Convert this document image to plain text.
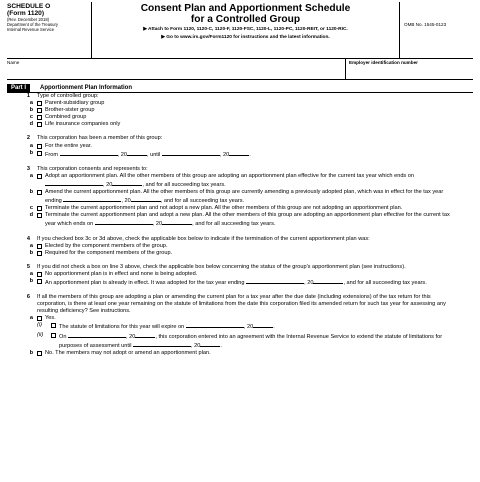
SCHEDULE O
(Form 1120)
(Rev. December 2018)
Department of the Treasury
Internal Revenue Service
Consent Plan and Apportionment Schedule
for a Controlled Group
▶ Attach to Form 1120, 1120-C, 1120-F, 1120-FSC, 1120-L, 1120-PC, 1120-REIT, or 1120-RIC.
▶ Go to www.irs.gov/Form1120 for instructions and the latest information.
OMB No. 1545-0123
Name	Employer identification number
Part I	Apportionment Plan Information
1	Type of controlled group:
a	Parent-subsidiary group
b	Brother-sister group
c	Combined group
d	Life insurance companies only
2	This corporation has been a member of this group:
a	For the entire year.
b	From	, 20	, until	, 20	.
3	This corporation consents and represents to:
a	Adopt an apportionment plan. All the other members of this group are adopting an apportionment plan effective for the current tax year which ends on , 20	, and for all succeeding tax years.
b	Amend the current apportionment plan. All the other members of this group are currently amending a previously adopted plan, which was in effect for the tax year ending	, 20	, and for all succeeding tax years.
c	Terminate the current apportionment plan and not adopt a new plan. All the other members of this group are not adopting an apportionment plan.
d	Terminate the current apportionment plan and adopt a new plan. All the other members of this group are adopting an apportionment plan effective for the current tax year which ends on	, 20	, and for all succeeding tax years.
4	If you checked box 3c or 3d above, check the applicable box below to indicate if the termination of the current apportionment plan was:
a	Elected by the component members of the group.
b	Required for the component members of the group.
5	If you did not check a box on line 3 above, check the applicable box below concerning the status of the group's apportionment plan (see instructions).
a	No apportionment plan is in effect and none is being adopted.
b	An apportionment plan is already in effect. It was adopted for the tax year ending	, 20	, and for all succeeding tax years.
6	If all the members of this group are adopting a plan or amending the current plan for a tax year after the due date (including extensions) of the tax return for this corporation, is there at least one year remaining on the statute of limitations from the date this corporation filed its amended return for such tax year for assessing any resulting deficiency? See instructions.
a	Yes.
(i)	The statute of limitations for this year will expire on	, 20	.
(ii)	On	, 20	, this corporation entered into an agreement with the Internal Revenue Service to extend the statute of limitations for purposes of assessment until	, 20	.
b	No. The members may not adopt or amend an apportionment plan.
